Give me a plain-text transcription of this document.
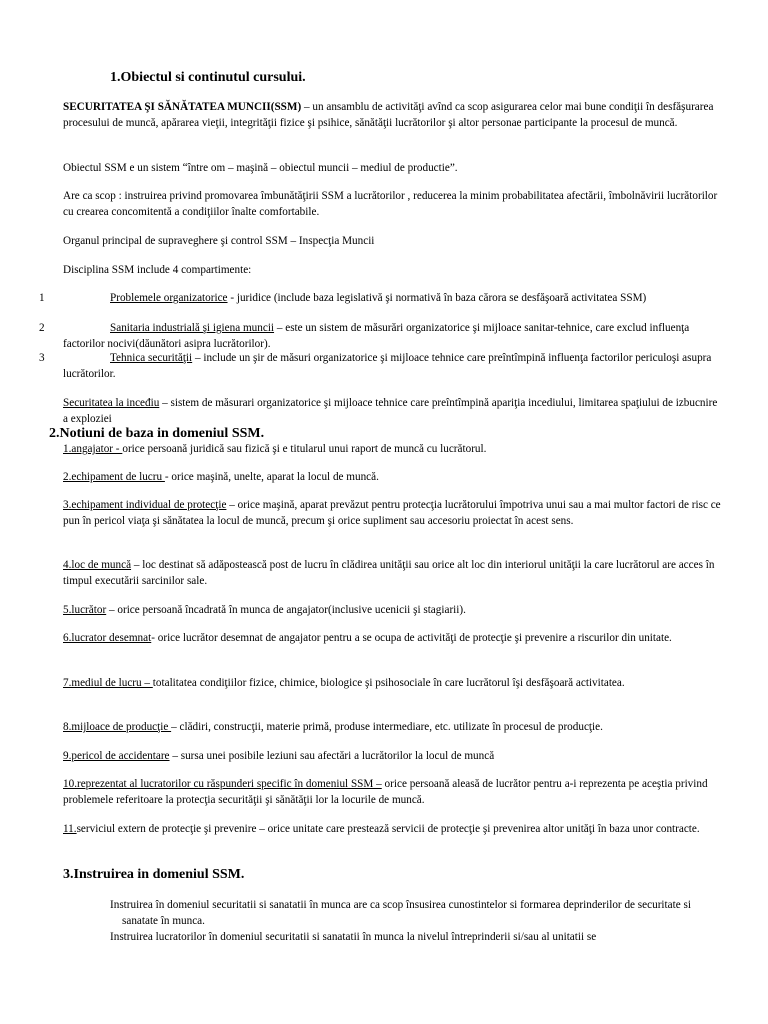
1.Obiectul si continutul cursului.
SECURITATEA ŞI SĂNĂTATEA MUNCII(SSM) – un ansamblu de activităţi avînd ca scop asigurarea celor mai bune condiţii în desfăşurarea procesului de muncă, apărarea vieţii, integrităţii fizice şi psihice, sănătăţii lucrătorilor şi altor personae participante la procesul de muncă.
Obiectul SSM e un sistem “între om – maşină – obiectul muncii – mediul de productie”.
Are ca scop : instruirea privind promovarea îmbunătăţirii SSM a lucrătorilor , reducerea la minim probabilitatea afectării, îmbolnăvirii lucrătorilor cu crearea concomitentă a condiţiilor înalte comfortabile.
Organul principal de supraveghere şi control SSM – Inspecţia Muncii
Disciplina SSM include 4 compartimente:
1	Problemele organizatorice - juridice (include baza legislativă şi normativă în baza cărora se desfăşoară activitatea SSM)
2	Sanitaria industrială şi igiena muncii – este un sistem de măsurări organizatorice şi mijloace sanitar-tehnice, care exclud influenţa factorilor nocivi(dăunători asipra lucrătorilor).
3	Tehnica securităţii – include un şir de măsuri organizatorice şi mijloace tehnice care preîntîmpină influenţa factorilor periculoşi asupra lucrătorilor.
Securitatea la inceđiu – sistem de măsurari organizatorice şi mijloace tehnice care preîntîmpină apariţia incediului, limitarea spaţiului de izbucnire a exploziei
2.Notiuni de baza in domeniul SSM.
1.angajator - orice persoană juridică sau fizică şi e titularul unui raport de muncă cu lucrătorul.
2.echipament de lucru - orice maşină, unelte, aparat la locul de muncă.
3.echipament individual de protecţie – orice maşină, aparat prevăzut pentru protecţia lucrătorului împotriva unui sau a mai multor factori de risc ce pun în pericol viaţa şi sănătatea la locul de muncă, precum şi orice supliment sau accesoriu proiectat în acest sens.
4.loc de muncă – loc destinat să adăpostească post de lucru în clădirea unităţii sau orice alt loc din interiorul unităţii la care lucrătorul are acces în timpul executării sarcinilor sale.
5.lucrător – orice persoană încadrată în munca de angajator(inclusive ucenicii şi stagiarii).
6.lucrator desemnat- orice lucrător desemnat de angajator pentru a se ocupa de activităţi de protecţie şi prevenire a riscurilor din unitate.
7.mediul de lucru – totalitatea condiţiilor fizice, chimice, biologice şi psihosociale în care lucrătorul îşi desfăşoară activitatea.
8.mijloace de producţie – clădiri, construcţii, materie primă, produse intermediare, etc. utilizate în procesul de producţie.
9.pericol de accidentare – sursa unei posibile leziuni sau afectări a lucrătorilor la locul de muncă
10.reprezentat al lucratorilor cu răspunderi specific în domeniul SSM – orice persoană aleasă de lucrător pentru a-i reprezenta pe aceştia privind problemele referitoare la protecţia securităţii şi sănătăţii lor la locurile de muncă.
11.serviciul extern de protecţie şi prevenire – orice unitate care prestează servicii de protecţie şi prevenirea altor unităţi în baza unor contracte.
3.Instruirea in domeniul SSM.
Instruirea în domeniul securitatii si sanatatii în munca are ca scop însusirea cunostintelor si formarea deprinderilor de securitate si sanatate în munca.
Instruirea lucratorilor în domeniul securitatii si sanatatii în munca la nivelul întreprinderii si/sau al unitatii se
